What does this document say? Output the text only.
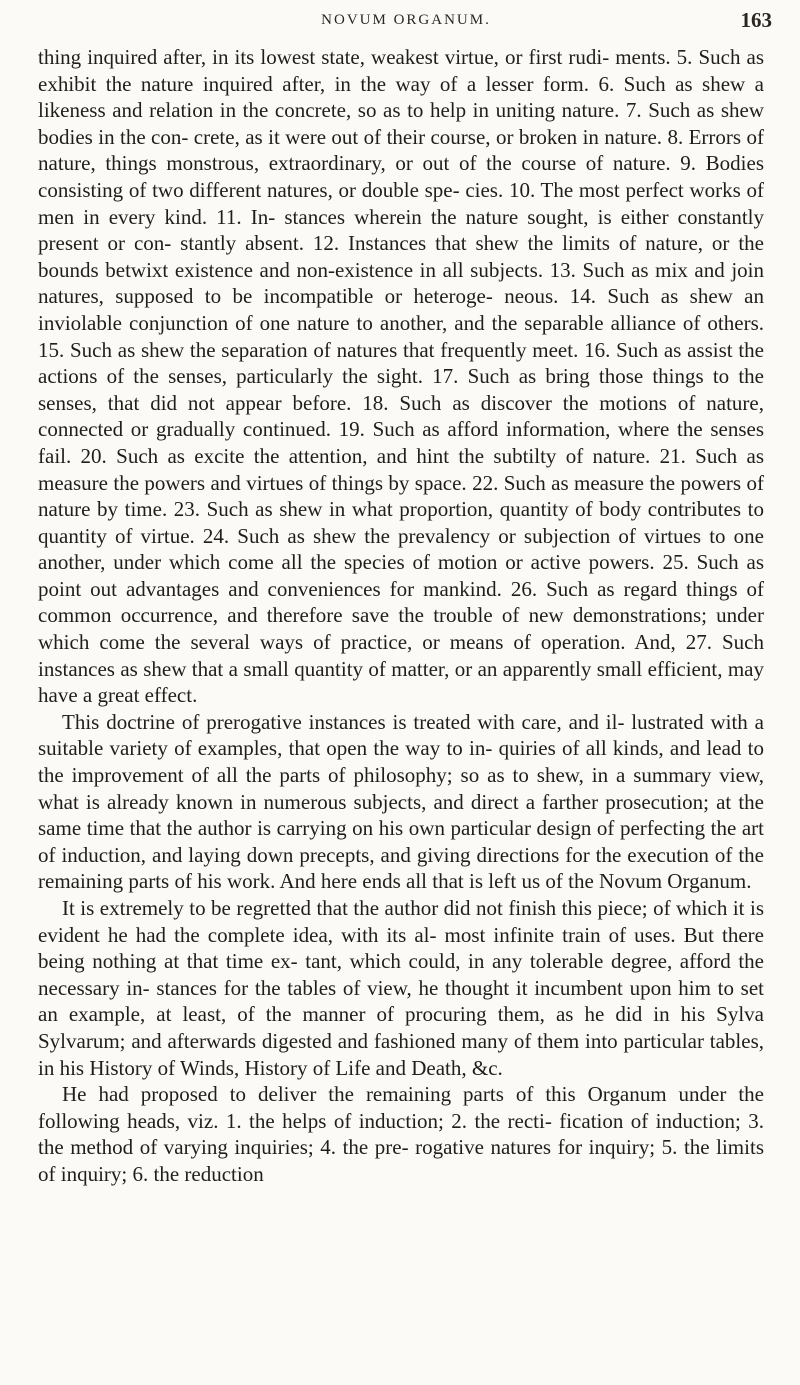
NOVUM ORGANUM.	163

thing inquired after, in its lowest state, weakest virtue, or first rudi- ments. 5. Such as exhibit the nature inquired after, in the way of a lesser form. 6. Such as shew a likeness and relation in the concrete, so as to help in uniting nature. 7. Such as shew bodies in the con- crete, as it were out of their course, or broken in nature. 8. Errors of nature, things monstrous, extraordinary, or out of the course of nature. 9. Bodies consisting of two different natures, or double spe- cies. 10. The most perfect works of men in every kind. 11. In- stances wherein the nature sought, is either constantly present or con- stantly absent. 12. Instances that shew the limits of nature, or the bounds betwixt existence and non-existence in all subjects. 13. Such as mix and join natures, supposed to be incompatible or heteroge- neous. 14. Such as shew an inviolable conjunction of one nature to another, and the separable alliance of others. 15. Such as shew the separation of natures that frequently meet. 16. Such as assist the actions of the senses, particularly the sight. 17. Such as bring those things to the senses, that did not appear before. 18. Such as discover the motions of nature, connected or gradually continued. 19. Such as afford information, where the senses fail. 20. Such as excite the attention, and hint the subtilty of nature. 21. Such as measure the powers and virtues of things by space. 22. Such as measure the powers of nature by time. 23. Such as shew in what proportion, quantity of body contributes to quantity of virtue. 24. Such as shew the prevalency or subjection of virtues to one another, under which come all the species of motion or active powers. 25. Such as point out advantages and conveniences for mankind. 26. Such as regard things of common occurrence, and therefore save the trouble of new demonstrations; under which come the several ways of practice, or means of operation. And, 27. Such instances as shew that a small quantity of matter, or an apparently small efficient, may have a great effect.

This doctrine of prerogative instances is treated with care, and il- lustrated with a suitable variety of examples, that open the way to in- quiries of all kinds, and lead to the improvement of all the parts of philosophy; so as to shew, in a summary view, what is already known in numerous subjects, and direct a farther prosecution; at the same time that the author is carrying on his own particular design of perfecting the art of induction, and laying down precepts, and giving directions for the execution of the remaining parts of his work. And here ends all that is left us of the Novum Organum.

It is extremely to be regretted that the author did not finish this piece; of which it is evident he had the complete idea, with its al- most infinite train of uses. But there being nothing at that time ex- tant, which could, in any tolerable degree, afford the necessary in- stances for the tables of view, he thought it incumbent upon him to set an example, at least, of the manner of procuring them, as he did in his Sylva Sylvarum; and afterwards digested and fashioned many of them into particular tables, in his History of Winds, History of Life and Death, &c.

He had proposed to deliver the remaining parts of this Organum under the following heads, viz. 1. the helps of induction; 2. the recti- fication of induction; 3. the method of varying inquiries; 4. the pre- rogative natures for inquiry; 5. the limits of inquiry; 6. the reduction
